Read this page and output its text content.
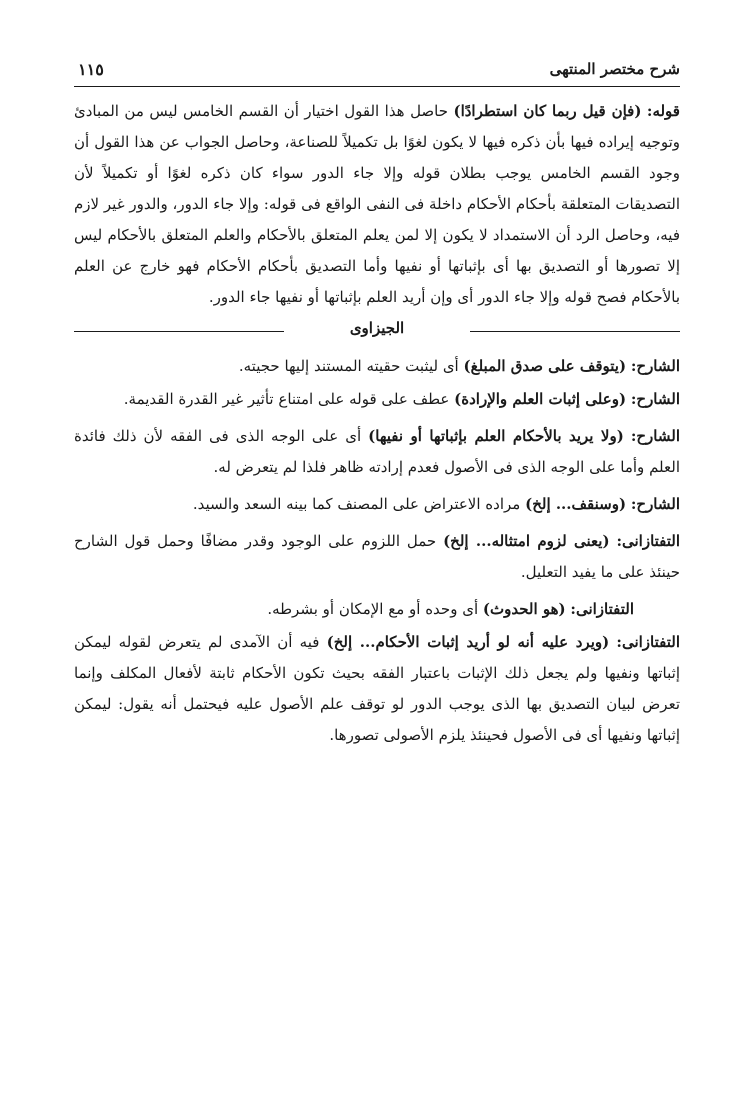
شرح مختصر المنتهى
١١٥

قوله: (فإن قيل ربما كان استطرادًا) حاصل هذا القول اختيار أن القسم الخامس ليس من المبادئ وتوجيه إيراده فيها بأن ذكره فيها لا يكون لغوًا بل تكميلاً للصناعة، وحاصل الجواب عن هذا القول أن وجود القسم الخامس يوجب بطلان قوله وإلا جاء الدور سواء كان ذكره لغوًا أو تكميلاً لأن التصديقات المتعلقة بأحكام الأحكام داخلة فى النفى الواقع فى قوله: وإلا جاء الدور، والدور غير لازم فيه، وحاصل الرد أن الاستمداد لا يكون إلا لمن يعلم المتعلق بالأحكام والعلم المتعلق بالأحكام ليس إلا تصورها أو التصديق بها أى بإثباتها أو نفيها وأما التصديق بأحكام الأحكام فهو خارج عن العلم بالأحكام فصح قوله وإلا جاء الدور أى وإن أريد العلم بإثباتها أو نفيها جاء الدور.

الجيزاوى

الشارح: (يتوقف على صدق المبلغ) أى ليثبت حقيته المستند إليها حجيته.

الشارح: (وعلى إثبات العلم والإرادة) عطف على قوله على امتناع تأثير غير القدرة القديمة.

الشارح: (ولا يريد بالأحكام العلم بإثباتها أو نفيها) أى على الوجه الذى فى الفقه لأن ذلك فائدة العلم وأما على الوجه الذى فى الأصول فعدم إرادته ظاهر فلذا لم يتعرض له.

الشارح: (وسنقف... إلخ) مراده الاعتراض على المصنف كما بينه السعد والسيد.

التفتازانى: (يعنى لزوم امتثاله... إلخ) حمل اللزوم على الوجود وقدر مضافًا وحمل قول الشارح حينئذ على ما يفيد التعليل.

التفتازانى: (هو الحدوث) أى وحده أو مع الإمكان أو بشرطه.

التفتازانى: (ويرد عليه أنه لو أريد إثبات الأحكام... إلخ) فيه أن الآمدى لم يتعرض لقوله ليمكن إثباتها ونفيها ولم يجعل ذلك الإثبات باعتبار الفقه بحيث تكون الأحكام ثابتة لأفعال المكلف وإنما تعرض لبيان التصديق بها الذى يوجب الدور لو توقف علم الأصول عليه فيحتمل أنه يقول: ليمكن إثباتها ونفيها أى فى الأصول فحينئذ يلزم الأصولى تصورها.
